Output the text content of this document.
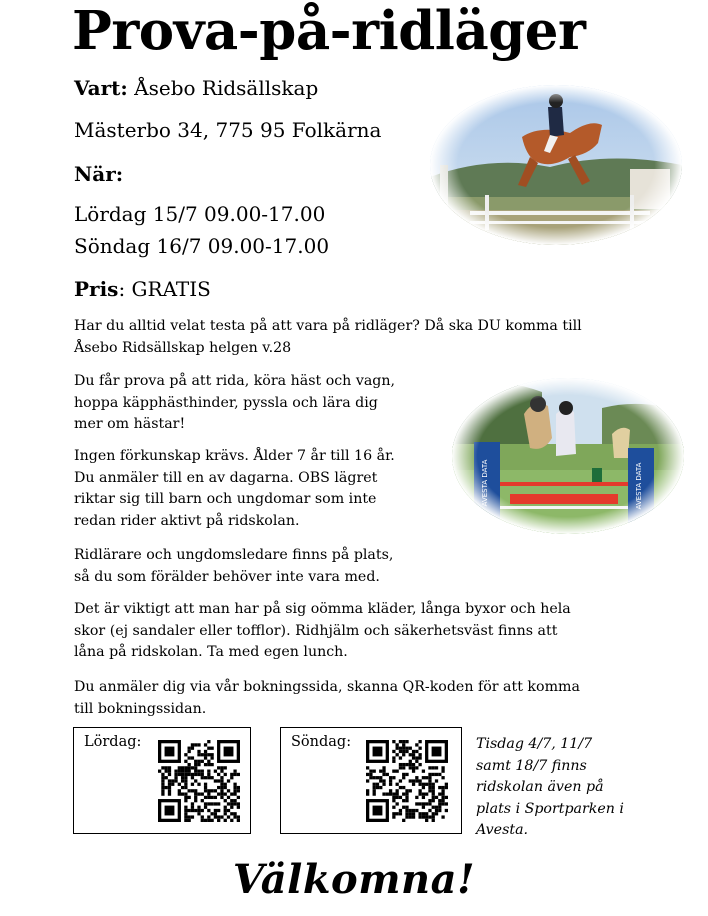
Prova-på-ridläger
Vart: Åsebo Ridsällskap
Mästerbo 34, 775 95 Folkärna
När:
Lördag 15/7 09.00-17.00
Söndag 16/7 09.00-17.00
Pris: GRATIS
Har du alltid velat testa på att vara på ridläger? Då ska DU komma till
Åsebo Ridsällskap helgen v.28
Du får prova på att rida, köra häst och vagn,
hoppa käpphästhinder, pyssla och lära dig
mer om hästar!
Ingen förkunskap krävs. Ålder 7 år till 16 år.
Du anmäler till en av dagarna. OBS lägret
riktar sig till barn och ungdomar som inte
redan rider aktivt på ridskolan.
Ridlärare och ungdomsledare finns på plats,
så du som förälder behöver inte vara med.
Det är viktigt att man har på sig oömma kläder, långa byxor och hela
skor (ej sandaler eller tofflor). Ridhjälm och säkerhetsväst finns att
låna på ridskolan. Ta med egen lunch.
Du anmäler dig via vår bokningssida, skanna QR-koden för att komma
till bokningssidan.
Lördag:	Söndag:	Tisdag 4/7, 11/7
samt 18/7 finns
ridskolan även på
plats i Sportparken i
Avesta.
Välkomna!
